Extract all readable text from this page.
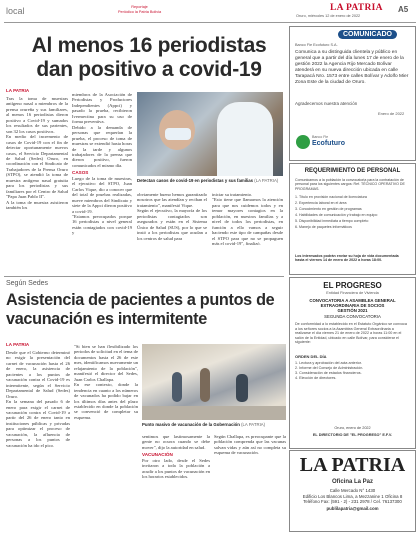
local	Reportaje
Periódico la Patria Bolivia	LA PATRIA
Oruro, miércoles 12 de enero de 2022
A5
Al menos 16 periodistas dan positivo a covid-19
LA PATRIA
Tras la toma de muestras antígeno nasal a miembros de la prensa orureña y sus familiares, al menos 16 periodistas dieron positivo a Covid-19 y sumados los resultados de sus parientes, son 32 los casos positivos.
En medio del incremento de casos de Covid-19 con el fin de detectar oportunamente nuevos casos, el Servicio Departamental de Salud (Sedes) Oruro, en coordinación con el Sindicato de Trabajadores de la Prensa Oruro (STPO), se atendió la toma de muestra antígeno nasal gratuita para los periodistas y sus familiares por el Centro de Salud "Papa Juan Pablo II".
A la toma de muestra asistieron también los
miembros de la Asociación de Periodistas y Productores Independientes (Appci) y pasado la prueba, recibieron Ivermectina para su uso de forma preventiva.
Debido a la demanda de personas que requerían la prueba, el proceso de toma de muestras se extendió hasta horas de la tarde y algunos trabajadores de la prensa que dieron positivo, fueron comunicados el mismo día.
CASOS
Luego de la toma de muestras, el ejecutivo del STPO, Juan Carlos Vique, dio a conocer que del total de pruebas realizadas, nueve miembros del Sindicato y siete de la Appci dieron positivo a covid-19.
"Estamos preocupados porque 16 periodistas a nivel general están contagiados con covid-19 y
Detectan casos de covid-19 en periodistas y sus familias (LA PATRIA)
obviamente bueno hemos garantizado nosotros que las atendían y reciban el tratamiento", manifestó Vique.
Según el ejecutivo, la mayoría de los periodistas contagiados son asegurados y están en el Sistema Único de Salud (SUS), por lo que se instó a los periodistas que acudan a los centros de salud para
iniciar su tratamiento.
"Esto tiene que llamarnos la atención para que nos cuidemos todos y en temor mayores contagios en la población, en nuestros familias y a nivel de todos los periodistas, en función a ello vamos a seguir haciendo este tipo de campañas desde el STPO para que no se propaguen más el covid-19", finalizó.
COMUNICADO
Banco Fie Ecofuturo S.A.
Comunica a su distinguida clientela y público en general que a partir del día lunes 17 de enero de la gestión 2022 la Agencia Rijo Mercado Bolívar atenderá en su nueva dirección ubicada en calle Tarapacá Nro. 1573 entre calles Bolívar y Adolfo Mier Zona Este de la ciudad de Oruro.
Agradecemos nuestra atención
Enero de 2022
Banco Fie
Ecofuturo
REQUERIMIENTO DE PERSONAL
Comunicamos a la población la convocatoria para la contratación de personal para los siguientes cargos: Ref. TÉCNICO OPERATIVO DE PROGRAMAS.
1. Título en provisión nacional de licenciatura
2. Experiencia laboral en el área
3. Conocimiento en gestión de programas
4. Habilidades de comunicación y trabajo en equipo
5. Disponibilidad inmediata a tiempo completo
6. Manejo de paquetes informáticos
Los interesados podrán enviar su hoja de vida documentada hasta el viernes 14 de enero de 2022 a horas 18:00.
Según Sedes
Asistencia de pacientes a puntos de vacunación es intermitente
LA PATRIA
Desde que el Gobierno determinó no exigir la presentación del carnet de vacunación hasta el 26 de enero, la asistencia de pacientes a los puntos de vacunación contra el Covid-19 es intermitente, según el Servicio Departamental de Salud (Sedes) Oruro.
En la semana del pasado 6 de enero para exigir el carnet de vacunación contra el Covid-19 a partir del 26 de enero tanto en instituciones públicas y privadas para optimizar el proceso de vacunación, la afluencia de personas a los puntos de vacunación ha ido el pico.
"Si bien se han flexibilizado los periodos de solicitud en el tema de documentos hasta el 26 de este mes, identificamos nuevamente un relajamiento de la población", manifestó el director del Sedes, Juan Carlos Challapa.
En ese contexto, donde la tendencia en cuanto a los números de vacunados ha podido bajar en los últimos días antes del plazo establecido en donde la población se convenció de completar su esquema.
Punto masivo de vacunación de la Gobernación (LA PATRIA)
sentimos que lastimosamente la gente no ocurra cuando se debe mover", dijo la autoridad en salud.
VACUNACIÓN
Por otro lado, desde el Sedes invitaron a toda la población a acudir a los puntos de vacunación en los horarios establecidos.
Según Challapa, es preocupante que la población comprenda que las vacunas salvan vidas y aún así no completa su esquema de vacunación.
EL PROGRESO
Entidad Financiera de Vivienda
CONVOCATORIA A ASAMBLEA GENERAL
EXTRAORDINARIA DE SOCIOS
GESTIÓN 2021
SEGUNDA CONVOCATORIA
De conformidad a lo establecido en el Estatuto Orgánico se convoca a los señores socios a la Asamblea General Extraordinaria a realizarse el día viernes 21 de enero de 2022 a horas 11:00 en el salón de la Entidad, ubicado en calle Bolívar, para considerar el siguiente:
ORDEN DEL DÍA
1. Lectura y aprobación del acta anterior.
2. Informe del Consejo de Administración.
3. Consideración de estados financieros.
4. Elección de directores.
Oruro, enero de 2022
EL DIRECTORIO DE "EL PROGRESO" E.F.V.
LA PATRIA
Oficina La Paz
Calle Mercado N° 1430
Edificio Los Blancos Lima, a Mezzanine 1 Oficina 8
Teléfono Fax: (591 - 2) - 231 2978 / Cel. 76137300
publilapatria@gmail.com
